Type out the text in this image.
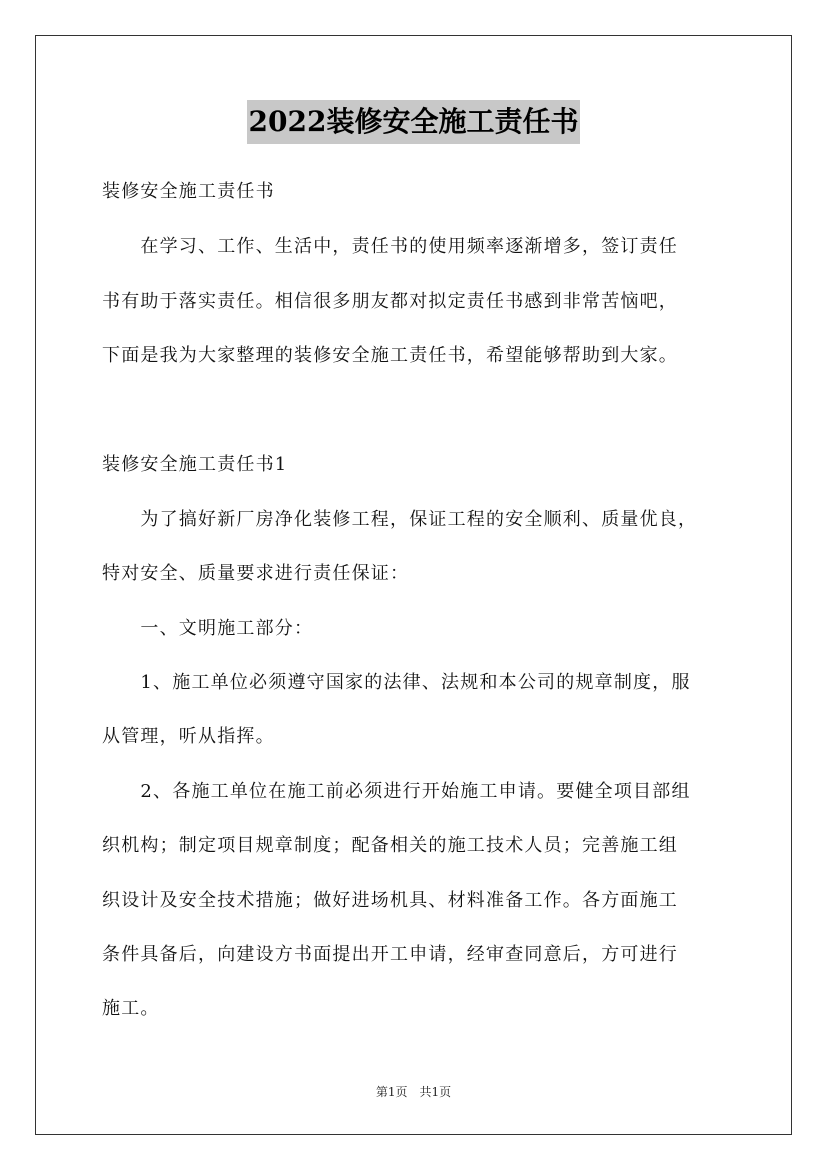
2022装修安全施工责任书
装修安全施工责任书
　　在学习、工作、生活中，责任书的使用频率逐渐增多，签订责任
书有助于落实责任。相信很多朋友都对拟定责任书感到非常苦恼吧，
下面是我为大家整理的装修安全施工责任书，希望能够帮助到大家。
装修安全施工责任书1
　　为了搞好新厂房净化装修工程，保证工程的安全顺利、质量优良，
特对安全、质量要求进行责任保证：
　　一、文明施工部分：
　　1、施工单位必须遵守国家的法律、法规和本公司的规章制度，服
从管理，听从指挥。
　　2、各施工单位在施工前必须进行开始施工申请。要健全项目部组
织机构；制定项目规章制度；配备相关的施工技术人员；完善施工组
织设计及安全技术措施；做好进场机具、材料准备工作。各方面施工
条件具备后，向建设方书面提出开工申请，经审查同意后，方可进行
施工。
第1页　共1页
